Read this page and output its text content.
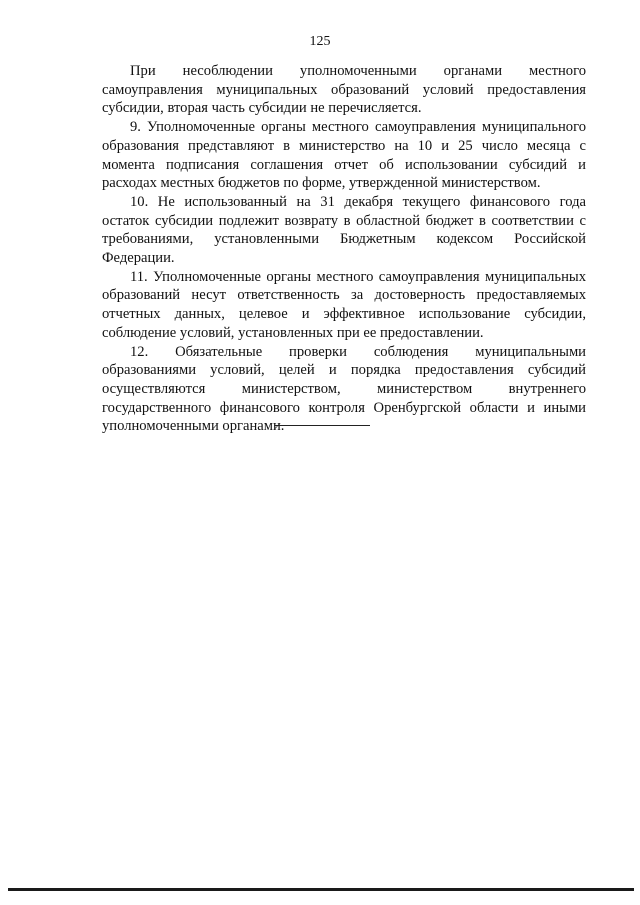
125

При несоблюдении уполномоченными органами местного самоуправления муниципальных образований условий предоставления субсидии, вторая часть субсидии не перечисляется.

9. Уполномоченные органы местного самоуправления муниципального образования представляют в министерство на 10 и 25 число месяца с момента подписания соглашения отчет об использовании субсидий и расходах местных бюджетов по форме, утвержденной министерством.

10. Не использованный на 31 декабря текущего финансового года остаток субсидии подлежит возврату в областной бюджет в соответствии с требованиями, установленными Бюджетным кодексом Российской Федерации.

11. Уполномоченные органы местного самоуправления муниципальных образований несут ответственность за достоверность предоставляемых отчетных данных, целевое и эффективное использование субсидии, соблюдение условий, установленных при ее предоставлении.

12. Обязательные проверки соблюдения муниципальными образованиями условий, целей и порядка предоставления субсидий осуществляются министерством, министерством внутреннего государственного финансового контроля Оренбургской области и иными уполномоченными органами.
